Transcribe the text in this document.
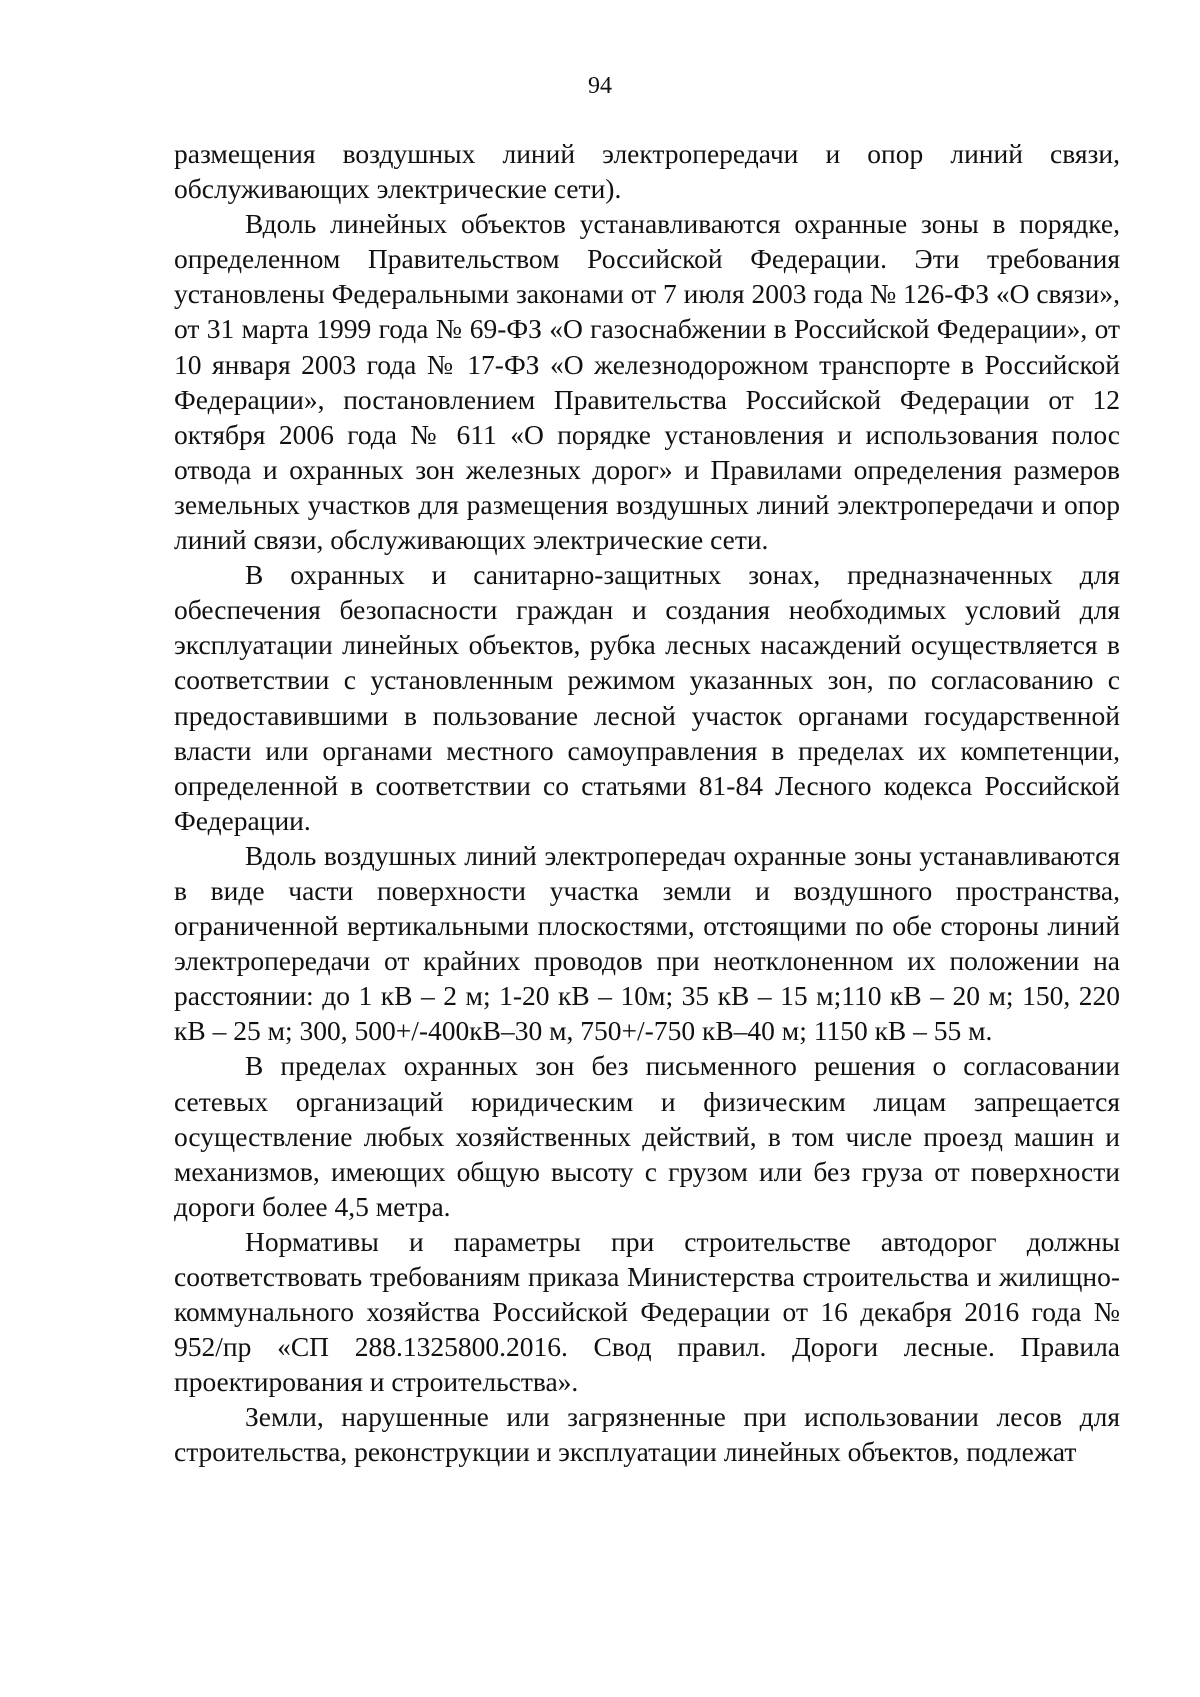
94

размещения воздушных линий электропередачи и опор линий связи, обслуживающих электрические сети).

Вдоль линейных объектов устанавливаются охранные зоны в порядке, определенном Правительством Российской Федерации. Эти требования установлены Федеральными законами от 7 июля 2003 года № 126-ФЗ «О связи», от 31 марта 1999 года № 69-ФЗ «О газоснабжении в Российской Федерации», от 10 января 2003 года № 17-ФЗ «О железнодорожном транспорте в Российской Федерации», постановлением Правительства Российской Федерации от 12 октября 2006 года № 611 «О порядке установления и использования полос отвода и охранных зон железных дорог» и Правилами определения размеров земельных участков для размещения воздушных линий электропередачи и опор линий связи, обслуживающих электрические сети.

В охранных и санитарно-защитных зонах, предназначенных для обеспечения безопасности граждан и создания необходимых условий для эксплуатации линейных объектов, рубка лесных насаждений осуществляется в соответствии с установленным режимом указанных зон, по согласованию с предоставившими в пользование лесной участок органами государственной власти или органами местного самоуправления в пределах их компетенции, определенной в соответствии со статьями 81-84 Лесного кодекса Российской Федерации.

Вдоль воздушных линий электропередач охранные зоны устанавливаются в виде части поверхности участка земли и воздушного пространства, ограниченной вертикальными плоскостями, отстоящими по обе стороны линий электропередачи от крайних проводов при неотклоненном их положении на расстоянии: до 1 кВ – 2 м; 1-20 кВ – 10м; 35 кВ – 15 м;110 кВ – 20 м; 150, 220 кВ – 25 м; 300, 500+/-400кВ–30 м, 750+/-750 кВ–40 м; 1150 кВ – 55 м.

В пределах охранных зон без письменного решения о согласовании сетевых организаций юридическим и физическим лицам запрещается осуществление любых хозяйственных действий, в том числе проезд машин и механизмов, имеющих общую высоту с грузом или без груза от поверхности дороги более 4,5 метра.

Нормативы и параметры при строительстве автодорог должны соответствовать требованиям приказа Министерства строительства и жилищно-коммунального хозяйства Российской Федерации от 16 декабря 2016 года № 952/пр «СП 288.1325800.2016. Свод правил. Дороги лесные. Правила проектирования и строительства».

Земли, нарушенные или загрязненные при использовании лесов для строительства, реконструкции и эксплуатации линейных объектов, подлежат
